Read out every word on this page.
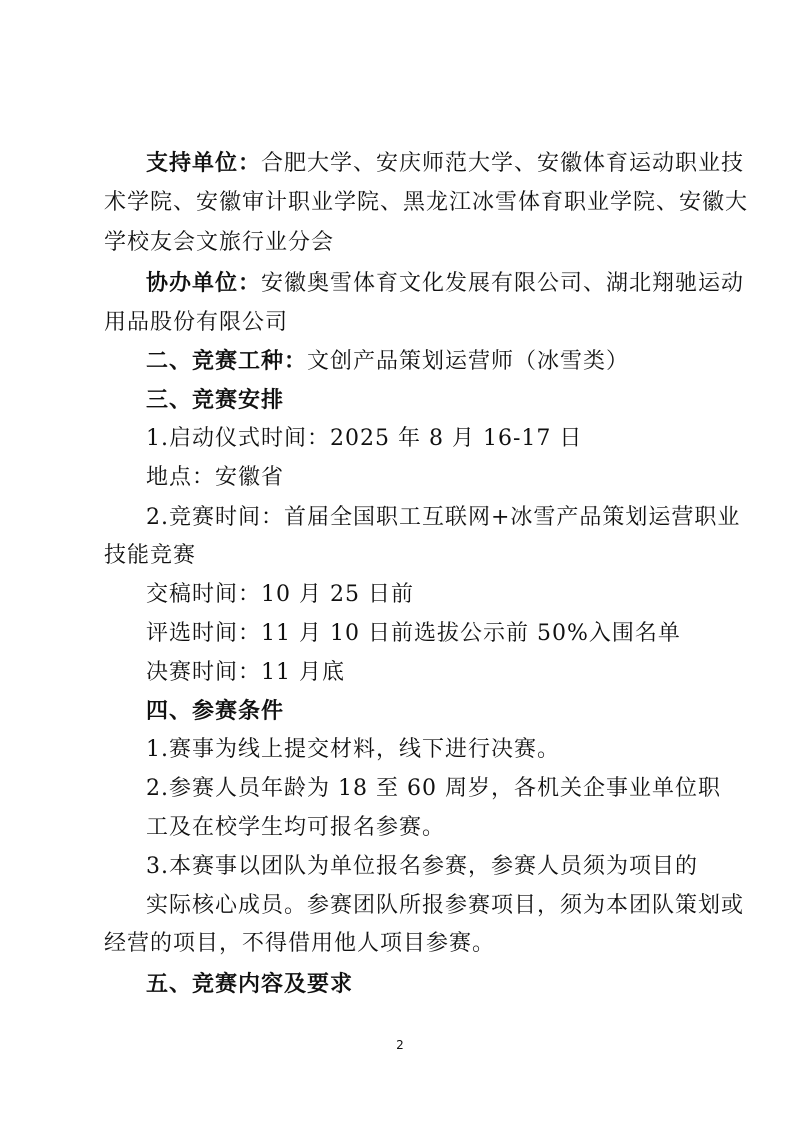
支持单位：合肥大学、安庆师范大学、安徽体育运动职业技
术学院、安徽审计职业学院、黑龙江冰雪体育职业学院、安徽大
学校友会文旅行业分会
协办单位：安徽奥雪体育文化发展有限公司、湖北翔驰运动
用品股份有限公司
二、竞赛工种：文创产品策划运营师（冰雪类）
三、竞赛安排
1.启动仪式时间：2025 年 8 月 16-17 日
地点：安徽省
2.竞赛时间：首届全国职工互联网+冰雪产品策划运营职业
技能竞赛
交稿时间：10 月 25 日前
评选时间：11 月 10 日前选拔公示前 50%入围名单
决赛时间：11 月底
四、参赛条件
1.赛事为线上提交材料，线下进行决赛。
2.参赛人员年龄为 18 至 60 周岁，各机关企事业单位职
工及在校学生均可报名参赛。
3.本赛事以团队为单位报名参赛，参赛人员须为项目的
实际核心成员。参赛团队所报参赛项目，须为本团队策划或
经营的项目，不得借用他人项目参赛。
五、竞赛内容及要求
2
